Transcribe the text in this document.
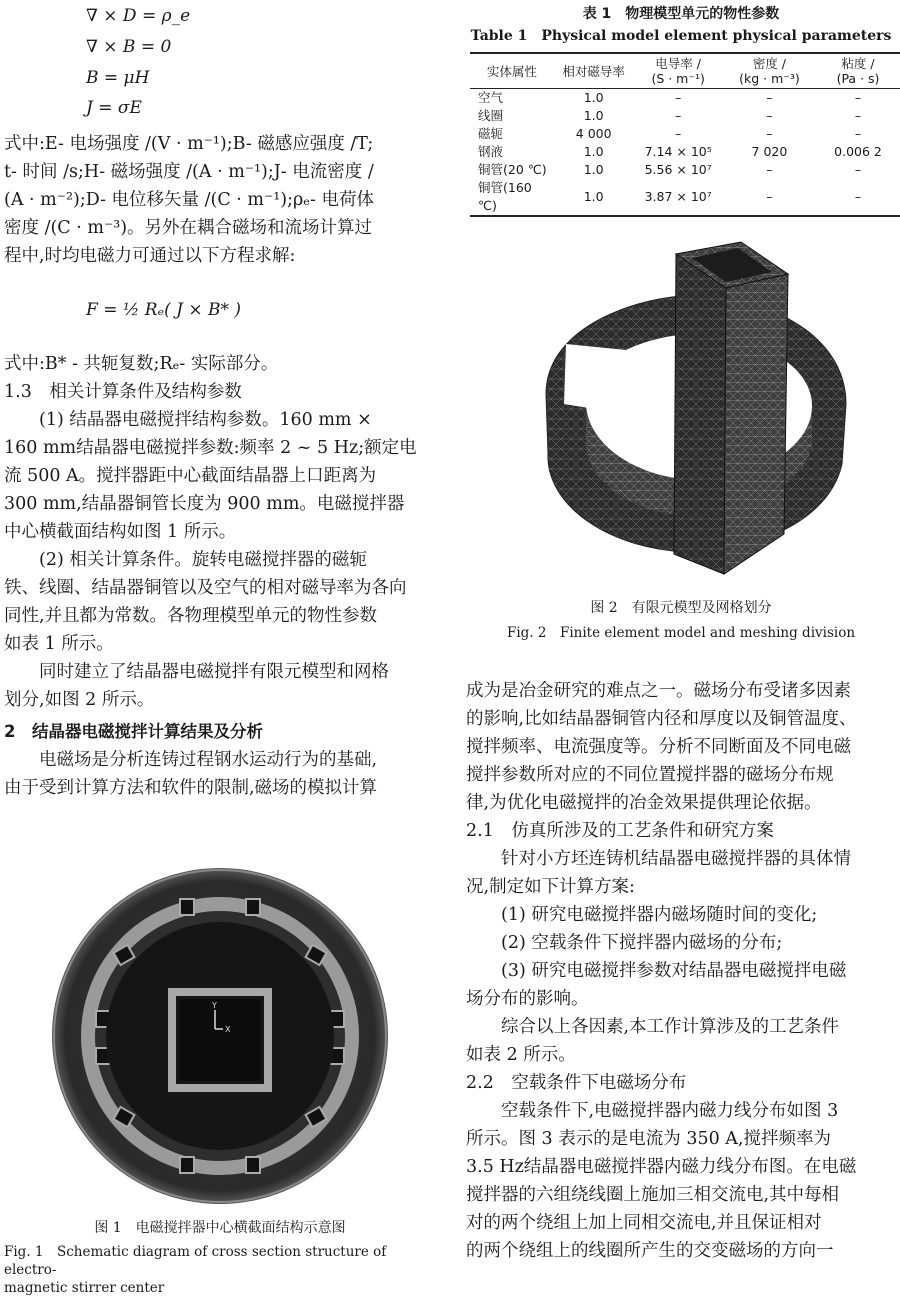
∇ × D = ρ_e
∇ × B = 0
B = μH
J = σE

式中:E- 电场强度 /(V · m⁻¹);B- 磁感应强度 /T;

t- 时间 /s;H- 磁场强度 /(A · m⁻¹);J- 电流密度 /

(A · m⁻²);D- 电位移矢量 /(C · m⁻¹);ρₑ- 电荷体

密度 /(C · m⁻³)。另外在耦合磁场和流场计算过

程中,时均电磁力可通过以下方程求解:

F = ½ Rₑ( J × B* )

式中:B* - 共轭复数;Rₑ- 实际部分。

1.3　相关计算条件及结构参数

(1) 结晶器电磁搅拌结构参数。160 mm ×

160 mm结晶器电磁搅拌参数:频率 2 ~ 5 Hz;额定电

流 500 A。搅拌器距中心截面结晶器上口距离为

300 mm,结晶器铜管长度为 900 mm。电磁搅拌器

中心横截面结构如图 1 所示。

(2) 相关计算条件。旋转电磁搅拌器的磁轭

铁、线圈、结晶器铜管以及空气的相对磁导率为各向

同性,并且都为常数。各物理模型单元的物性参数

如表 1 所示。

同时建立了结晶器电磁搅拌有限元模型和网格

划分,如图 2 所示。

2　结晶器电磁搅拌计算结果及分析

电磁场是分析连铸过程钢水运动行为的基础,

由于受到计算方法和软件的限制,磁场的模拟计算

Y
X
图 1　电磁搅拌器中心横截面结构示意图
Fig. 1　Schematic diagram of cross section structure of electro-
magnetic stirrer center
表 1　物理模型单元的物性参数
Table 1　Physical model element physical parameters
实体属性	相对磁导率	电导率 /
(S · m⁻¹)	密度 /
(kg · m⁻³)	粘度 /
(Pa · s)
空气	1.0	–	–	–
线圈	1.0	–	–	–
磁轭	4 000	–	–	–
钢液	1.0	7.14 × 10⁵	7 020	0.006 2
铜管(20 ℃)	1.0	5.56 × 10⁷	–	–
铜管(160 ℃)	1.0	3.87 × 10⁷	–	–
图 2　有限元模型及网格划分
Fig. 2　Finite element model and meshing division

成为是冶金研究的难点之一。磁场分布受诸多因素

的影响,比如结晶器铜管内径和厚度以及铜管温度、

搅拌频率、电流强度等。分析不同断面及不同电磁

搅拌参数所对应的不同位置搅拌器的磁场分布规

律,为优化电磁搅拌的冶金效果提供理论依据。

2.1　仿真所涉及的工艺条件和研究方案

针对小方坯连铸机结晶器电磁搅拌器的具体情

况,制定如下计算方案:

(1) 研究电磁搅拌器内磁场随时间的变化;

(2) 空载条件下搅拌器内磁场的分布;

(3) 研究电磁搅拌参数对结晶器电磁搅拌电磁

场分布的影响。

综合以上各因素,本工作计算涉及的工艺条件

如表 2 所示。

2.2　空载条件下电磁场分布

空载条件下,电磁搅拌器内磁力线分布如图 3

所示。图 3 表示的是电流为 350 A,搅拌频率为

3.5 Hz结晶器电磁搅拌器内磁力线分布图。在电磁

搅拌器的六组绕线圈上施加三相交流电,其中每相

对的两个绕组上加上同相交流电,并且保证相对

的两个绕组上的线圈所产生的交变磁场的方向一
